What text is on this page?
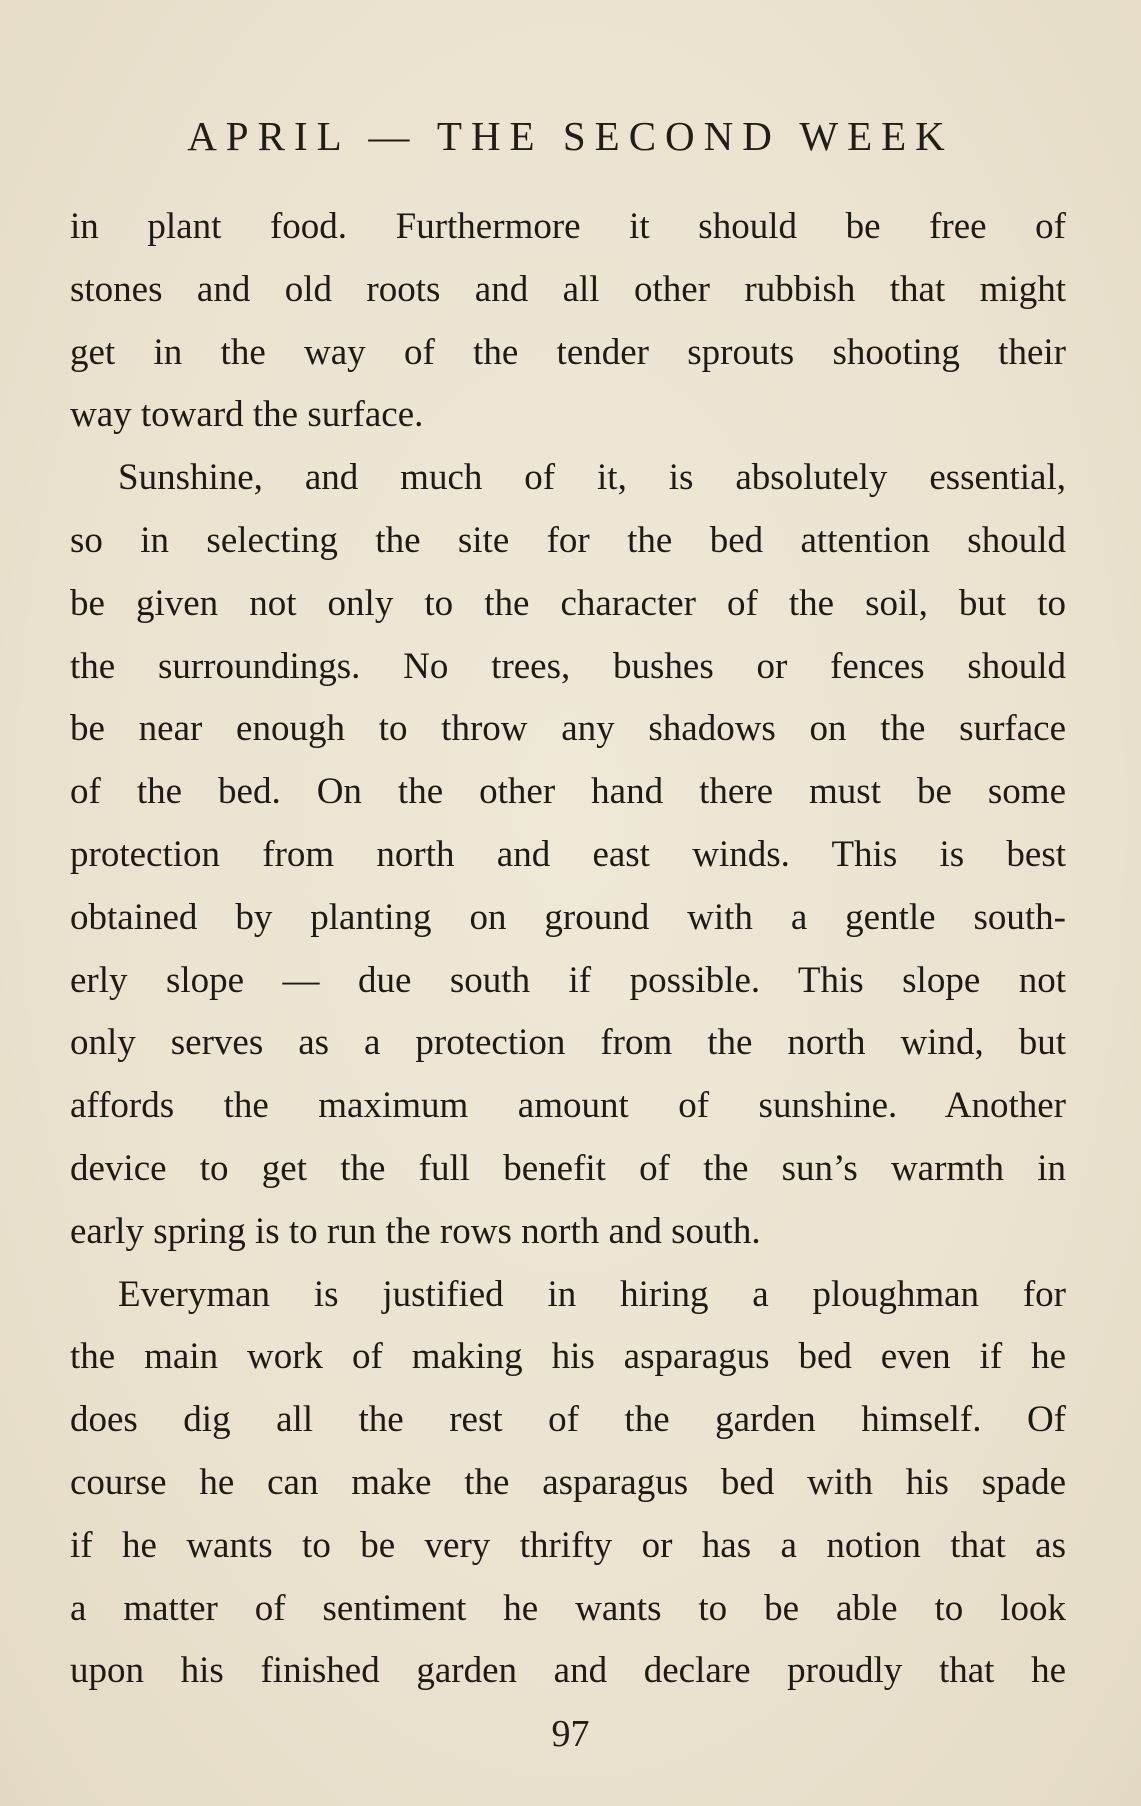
APRIL — THE SECOND WEEK
in plant food. Furthermore it should be free of
stones and old roots and all other rubbish that might
get in the way of the tender sprouts shooting their
way toward the surface.
Sunshine, and much of it, is absolutely essential,
so in selecting the site for the bed attention should
be given not only to the character of the soil, but to
the surroundings. No trees, bushes or fences should
be near enough to throw any shadows on the surface
of the bed. On the other hand there must be some
protection from north and east winds. This is best
obtained by planting on ground with a gentle south-
erly slope — due south if possible. This slope not
only serves as a protection from the north wind, but
affords the maximum amount of sunshine. Another
device to get the full benefit of the sun’s warmth in
early spring is to run the rows north and south.
Everyman is justified in hiring a ploughman for
the main work of making his asparagus bed even if he
does dig all the rest of the garden himself. Of
course he can make the asparagus bed with his spade
if he wants to be very thrifty or has a notion that as
a matter of sentiment he wants to be able to look
upon his finished garden and declare proudly that he
97
